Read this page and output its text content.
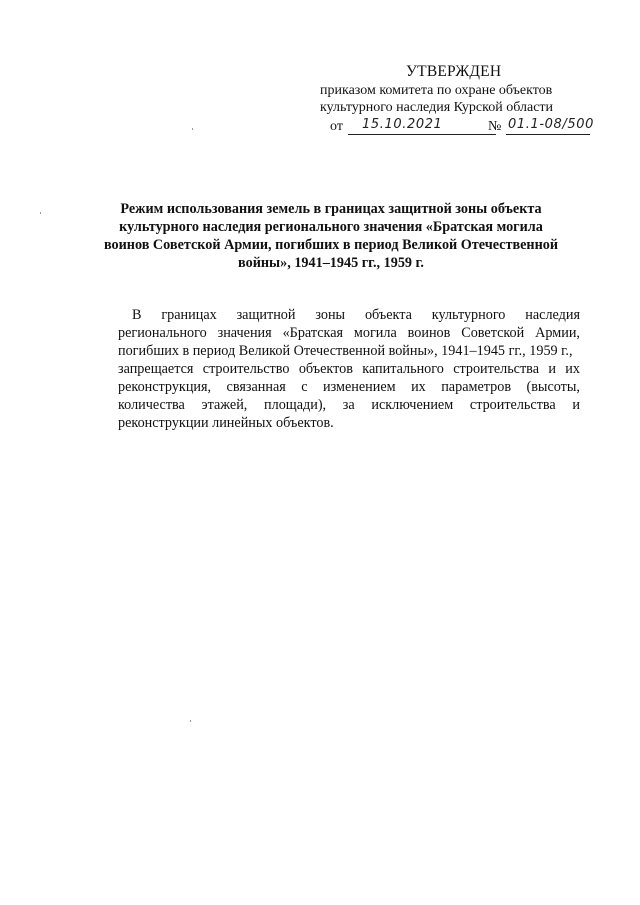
УТВЕРЖДЕН
приказом комитета по охране объектов
культурного наследия Курской области
от 15.10.2021	№ 01.1-08/500
Режим использования земель в границах защитной зоны объекта
культурного наследия регионального значения «Братская могила
воинов Советской Армии, погибших в период Великой Отечественной
войны», 1941–1945 гг., 1959 г.
В границах защитной зоны объекта культурного наследия
регионального значения «Братская могила воинов Советской Армии,
погибших в период Великой Отечественной войны», 1941–1945 гг., 1959 г.,
запрещается строительство объектов капитального строительства и их
реконструкция, связанная с изменением их параметров (высоты,
количества этажей, площади), за исключением строительства и
реконструкции линейных объектов.
